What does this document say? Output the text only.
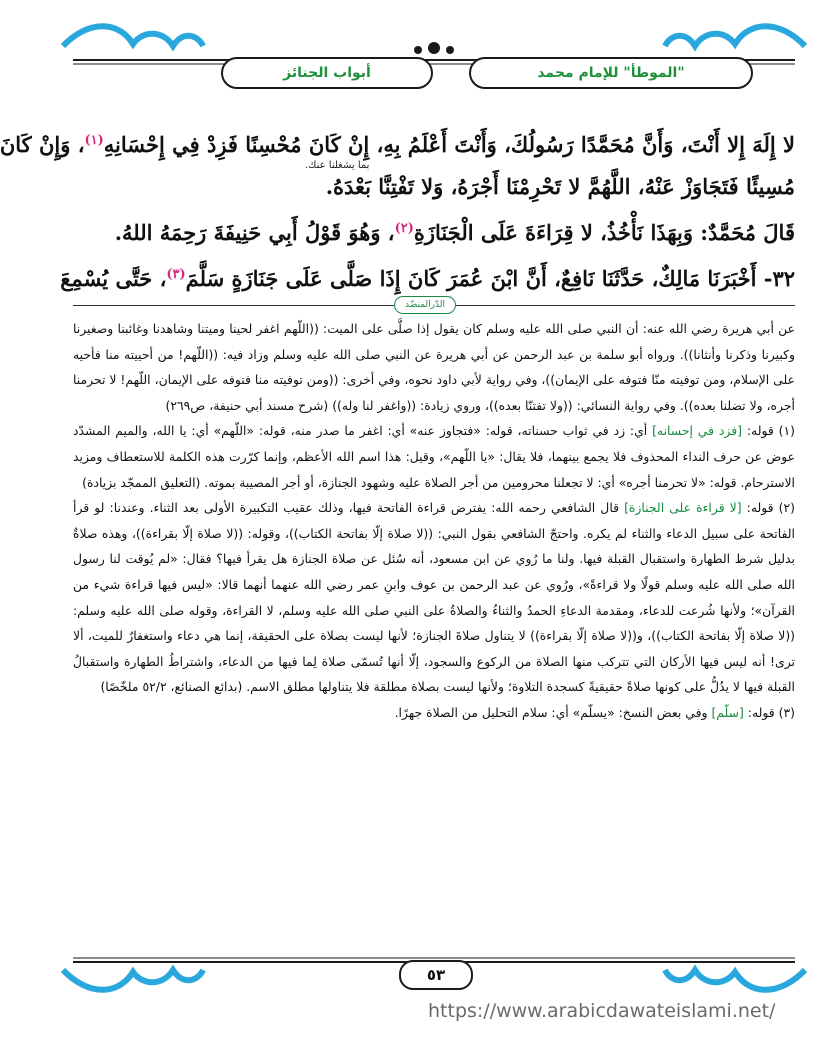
"الموطأ" للإمام محمد
أبواب الجنائز
لا إِلَهَ إِلا أَنْتَ، وَأَنَّ مُحَمَّدًا رَسُولُكَ، وَأَنْتَ أَعْلَمُ بِهِ، إِنْ كَانَ مُحْسِنًا فَزِدْ فِي إِحْسَانِهِ$^{(١)}$، وَإِنْ كَانَ
مُسِيئًا فَتَجَاوَزْ عَنْهُ، اللَّهُمَّ لا تَحْرِمْنَا أَجْرَهُ، وَلا تَفْتِنَّا بَعْدَهُ.
قَالَ مُحَمَّدٌ: وَبِهَذَا نَأْخُذُ، لا قِرَاءَةَ عَلَى الْجَنَازَةِ$^{(٢)}$، وَهُوَ قَوْلُ أَبِي حَنِيفَةَ رَحِمَهُ اللهُ.
٣٢- أَخْبَرَنَا مَالِكٌ، حَدَّثَنَا نَافِعٌ، أَنَّ ابْنَ عُمَرَ كَانَ إِذَا صَلَّى عَلَى جَنَازَةٍ سَلَّمَ$^{(٣)}$، حَتَّى يُسْمِعَ
بما يشغلنا عنك.
الدّرالمنضّد

عن أبي هريرة رضي الله عنه: أن النبي صلى الله عليه وسلم كان يقول إذا صلَّى على الميت: ((اللّهم اغفر لحينا وميتنا وشاهدنا وغائبنا وصغيرنا وكبيرنا وذكرنا وأنثانا)). ورواه أبو سلمة بن عبد الرحمن عن أبي هريرة عن النبي صلى الله عليه وسلم وزاد فيه: ((اللّهم! من أحييته منا فأحيه على الإسلام، ومن توفيته منّا فتوفه على الإيمان))، وفي رواية لأبي داود نحوه، وفي أخرى: ((ومن توفيته منا فتوفه على الإيمان، اللّهم! لا تحرمنا أجره، ولا تضلنا بعده)). وفي رواية النسائي: ((ولا تفتنّا بعده))، وروي زيادة: ((واغفر لنا وله)) (شرح مسند أبي حنيفة، ص٢٦٩)

(١) قوله: [فزد في إحسانه] أي: زد في ثواب حسناته، قوله: «فتجاوز عنه» أي: اغفر ما صدر منه، قوله: «اللّهم» أي: يا الله، والميم المشدّد عوض عن حرف النداء المحذوف فلا يجمع بينهما، فلا يقال: «يا اللّهم»، وقيل: هذا اسم الله الأعظم، وإنما كرّرت هذه الكلمة للاستعطاف ومزيد الاسترحام. قوله: «لا تحرمنا أجره» أي: لا تجعلنا محرومين من أجر الصلاة عليه وشهود الجنازة، أو أجر المصيبة بموته. (التعليق الممجّد بزيادة)

(٢) قوله: [لا قراءة على الجنازة] قال الشافعي رحمه الله: يفترض قراءة الفاتحة فيها، وذلك عقيب التكبيرة الأولى بعد الثناء. وعندنا: لو قرأ الفاتحة على سبيل الدعاء والثناء لم يكره. واحتجّ الشافعي بقول النبي: ((لا صلاة إلّا بفاتحة الكتاب))، وقوله: ((لا صلاة إلّا بقراءة))، وهذه صلاةٌ بدليل شرط الطهارة واستقبال القبلة فيها. ولنا ما رُوي عن ابن مسعود، أنه سُئل عن صلاة الجنازة هل يقرأ فيها؟ فقال: «لم يُوقت لنا رسول الله صلى الله عليه وسلم قولًا ولا قراءةً»، ورُوي عن عبد الرحمن بن عوف وابنِ عمر رضي الله عنهما أنهما قالا: «ليس فيها قراءة شيء من القرآن»؛ ولأنها شُرعت للدعاء، ومقدمة الدعاءِ الحمدُ والثناءُ والصلاةُ على النبي صلى الله عليه وسلم، لا القراءة، وقوله صلى الله عليه وسلم: ((لا صلاة إلّا بفاتحة الكتاب))، و((لا صلاة إلّا بقراءة)) لا يتناول صلاةَ الجنازة؛ لأنها ليست بصلاة على الحقيقة، إنما هي دعاء واستغفارٌ للميت، ألا ترى! أنه ليس فيها الأركان التي تتركب منها الصلاة من الركوع والسجود، إلّا أنها تُسمّى صلاة لِما فيها من الدعاء، واشتراطُ الطهارة واستقبالُ القبلة فيها لا يدُلُّ على كونها صلاةً حقيقيةً كسجدة التلاوة؛ ولأنها ليست بصلاة مطلقة فلا يتناولها مطلق الاسم. (بدائع الصنائع، ٥٢/٢ ملخّصًا)

(٣) قوله: [سلّم] وفي بعض النسخ: «يسلّم» أي: سلام التحليل من الصلاة جهرًا.

٥٣
https://www.arabicdawateislami.net/
